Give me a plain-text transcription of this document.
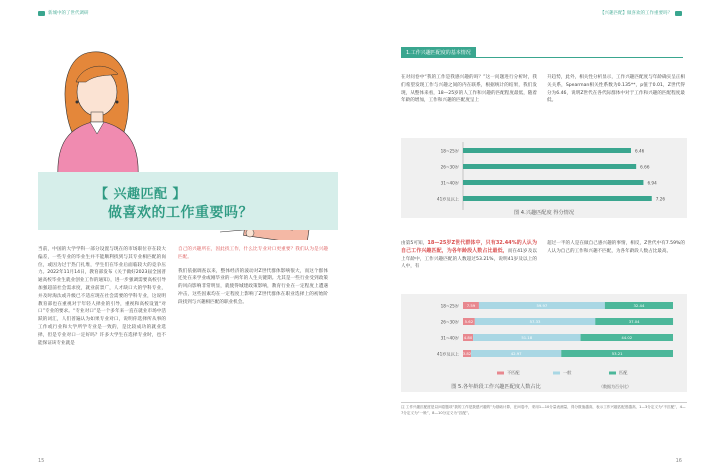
新城中的了世代调研
【 兴趣匹配 】
做喜欢的工作重要吗？
当前，中国的大学学科一部分设置与现在的市场职位存在较大偏差，一些专业的毕业生并不能顺利找到与其专业相匹配的岗位，或因为过于热门扎堆，学生们在毕业后面临较大的竞争压力。2022年11月14日，教育部发布《关于做好2023届全国普通高校毕业生就业创业工作的通知》，进一步强调需要高校引导加强超前社会需求度，就业前景广，人才缺口大的学科专业，并及时淘汰或升级已不适应现在社会需要的学科专业，这说明教育部也在重视对于年轻人择业的引导，重视和高校设置“对口”专业的要求。“专业对口”是一个多年来一直在就业市场中活跃的词汇，人们普遍认为如果专业对口，说明你选择所从事的工作或行业和大学所学专业是一致的，是比较成功的就业选择，但是专业对口一定好吗？许多大学生在选择专业时，也不能保证该专业就是
自己的兴趣所在，因此找工作，什么比专业对口更重要？我们认为是兴趣匹配。
我们依据调查以来，整体经济的波动对Z世代群体影响很大，而这个群体还处在来学业或刚毕业的一两年的人生关键期。尤其是一些行业受到政策的风向影响非常明显，就使得城建政策影响，教育行业在一定程度上遭遇冲击，这些因素均在一定程度上影响了Z世代群体在职业选择上的初始阶段找到与兴趣相匹配的职业机会。
15
【兴趣匹配】做喜欢的工作重要吗？
1.工作兴趣匹配度的基本情况
在对问卷中“我的工作是我感兴趣的吗？”这一问题进行分析时，我们希望发现工作与兴趣之间的内在联系，根据统计的结果，我们发现，从整体来看，18—25岁的人工作和兴趣的匹配程度最低，随着年龄的增加，工作和兴趣的匹配度呈上
升趋势，此外，相关性分析显示，工作兴趣匹配度与年龄确实呈正相关关系，Spearman相关性系数为0.135**，p值于0.01，Z世代得分为6.46，说明Z世代在各代际群体中对于工作和兴趣的匹配程度最低。
18~25岁	6.46
26~30岁	6.66
31~40岁	6.94
41岁及以上	7.26
图 4.兴趣匹配度 得分情况
由第5可知，18—25岁Z世代群体中，只有32.44%的人认为自己工作兴趣匹配，为各年龄段人数占比最低，而在41岁及以上年龄中，工作兴趣匹配的人数超过53.21%，说明41岁及以上的人中，有
超过一半的人是在做自己感兴趣的事情，相反，Z世代中有7.59%的人认为自己的工作和兴趣不匹配，为各年龄段人数占比最高。
18~25岁 7.59	59.97	32.44
26~30岁 5.62	57.33	37.04
31~40岁 4.80	51.18	44.02
41岁及以上 3.82	42.97	53.21
不匹配	一般	匹配
图 5.各年龄段工作兴趣匹配度人数占比	（数据为百分比）
注 工作兴趣匹配度是以问卷题项“我的工作是我感兴趣的”为基础计算，在问卷中，采用1—10分量表测量，得分数值越高，表示工作兴趣匹配度越高，1—3分定义为“不匹配”，4—7分定义为“一般”，8—10分定义为“匹配”。
16
